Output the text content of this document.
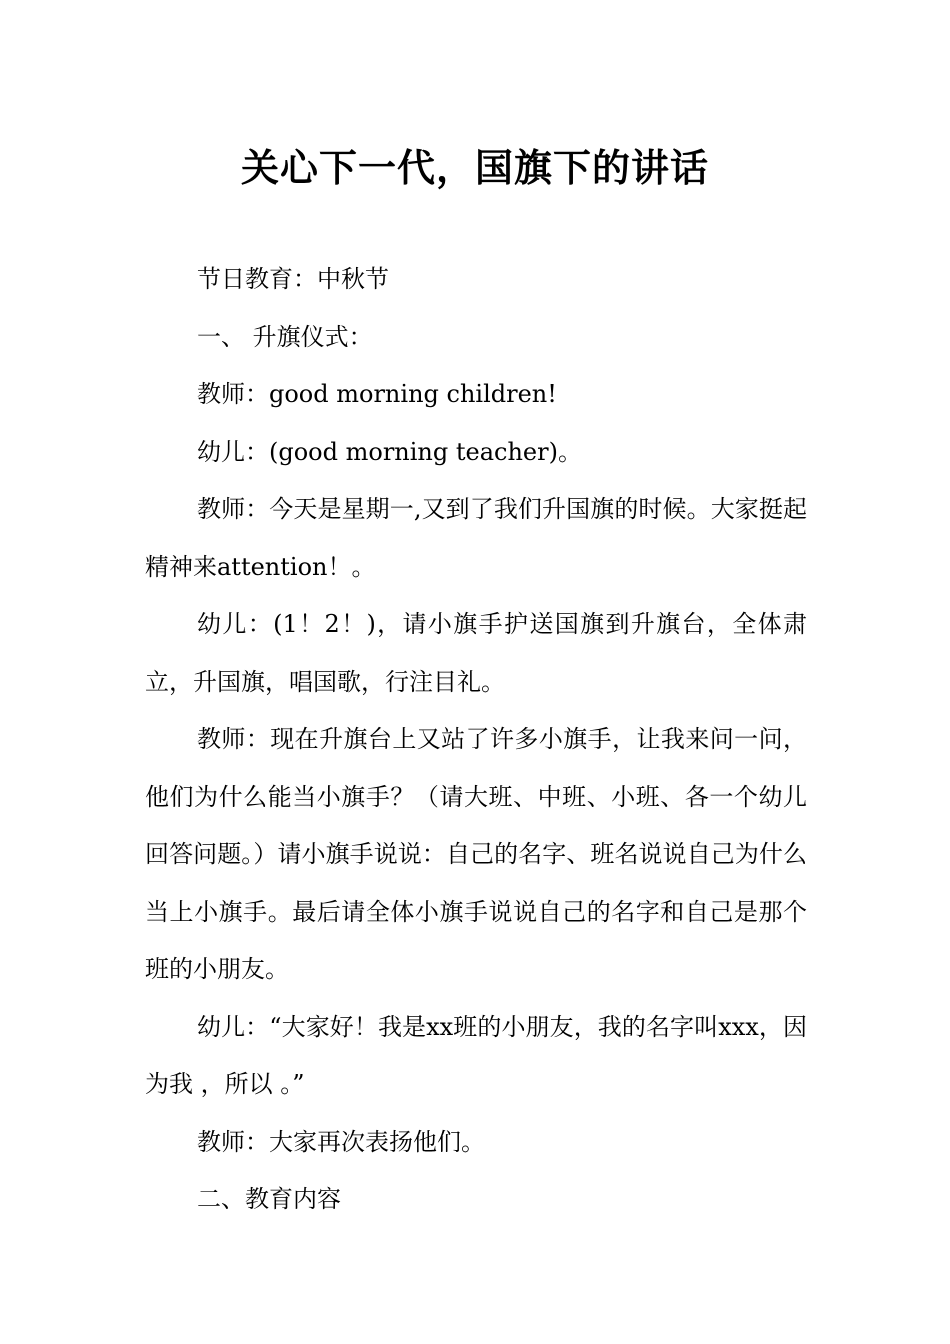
关心下一代，国旗下的讲话

节日教育：中秋节

一、 升旗仪式：

教师：good morning children!

幼儿：(good morning teacher)。

教师：今天是星期一,又到了我们升国旗的时候。大家挺起精神来attention！。

幼儿：(1！2！)，请小旗手护送国旗到升旗台，全体肃立，升国旗，唱国歌，行注目礼。

教师：现在升旗台上又站了许多小旗手，让我来问一问，他们为什么能当小旗手？（请大班、中班、小班、各一个幼儿回答问题。）请小旗手说说：自己的名字、班名说说自己为什么当上小旗手。最后请全体小旗手说说自己的名字和自己是那个班的小朋友。

幼儿：“大家好！我是xx班的小朋友，我的名字叫xxx，因为我 ，所以 。”

教师：大家再次表扬他们。

二、教育内容
